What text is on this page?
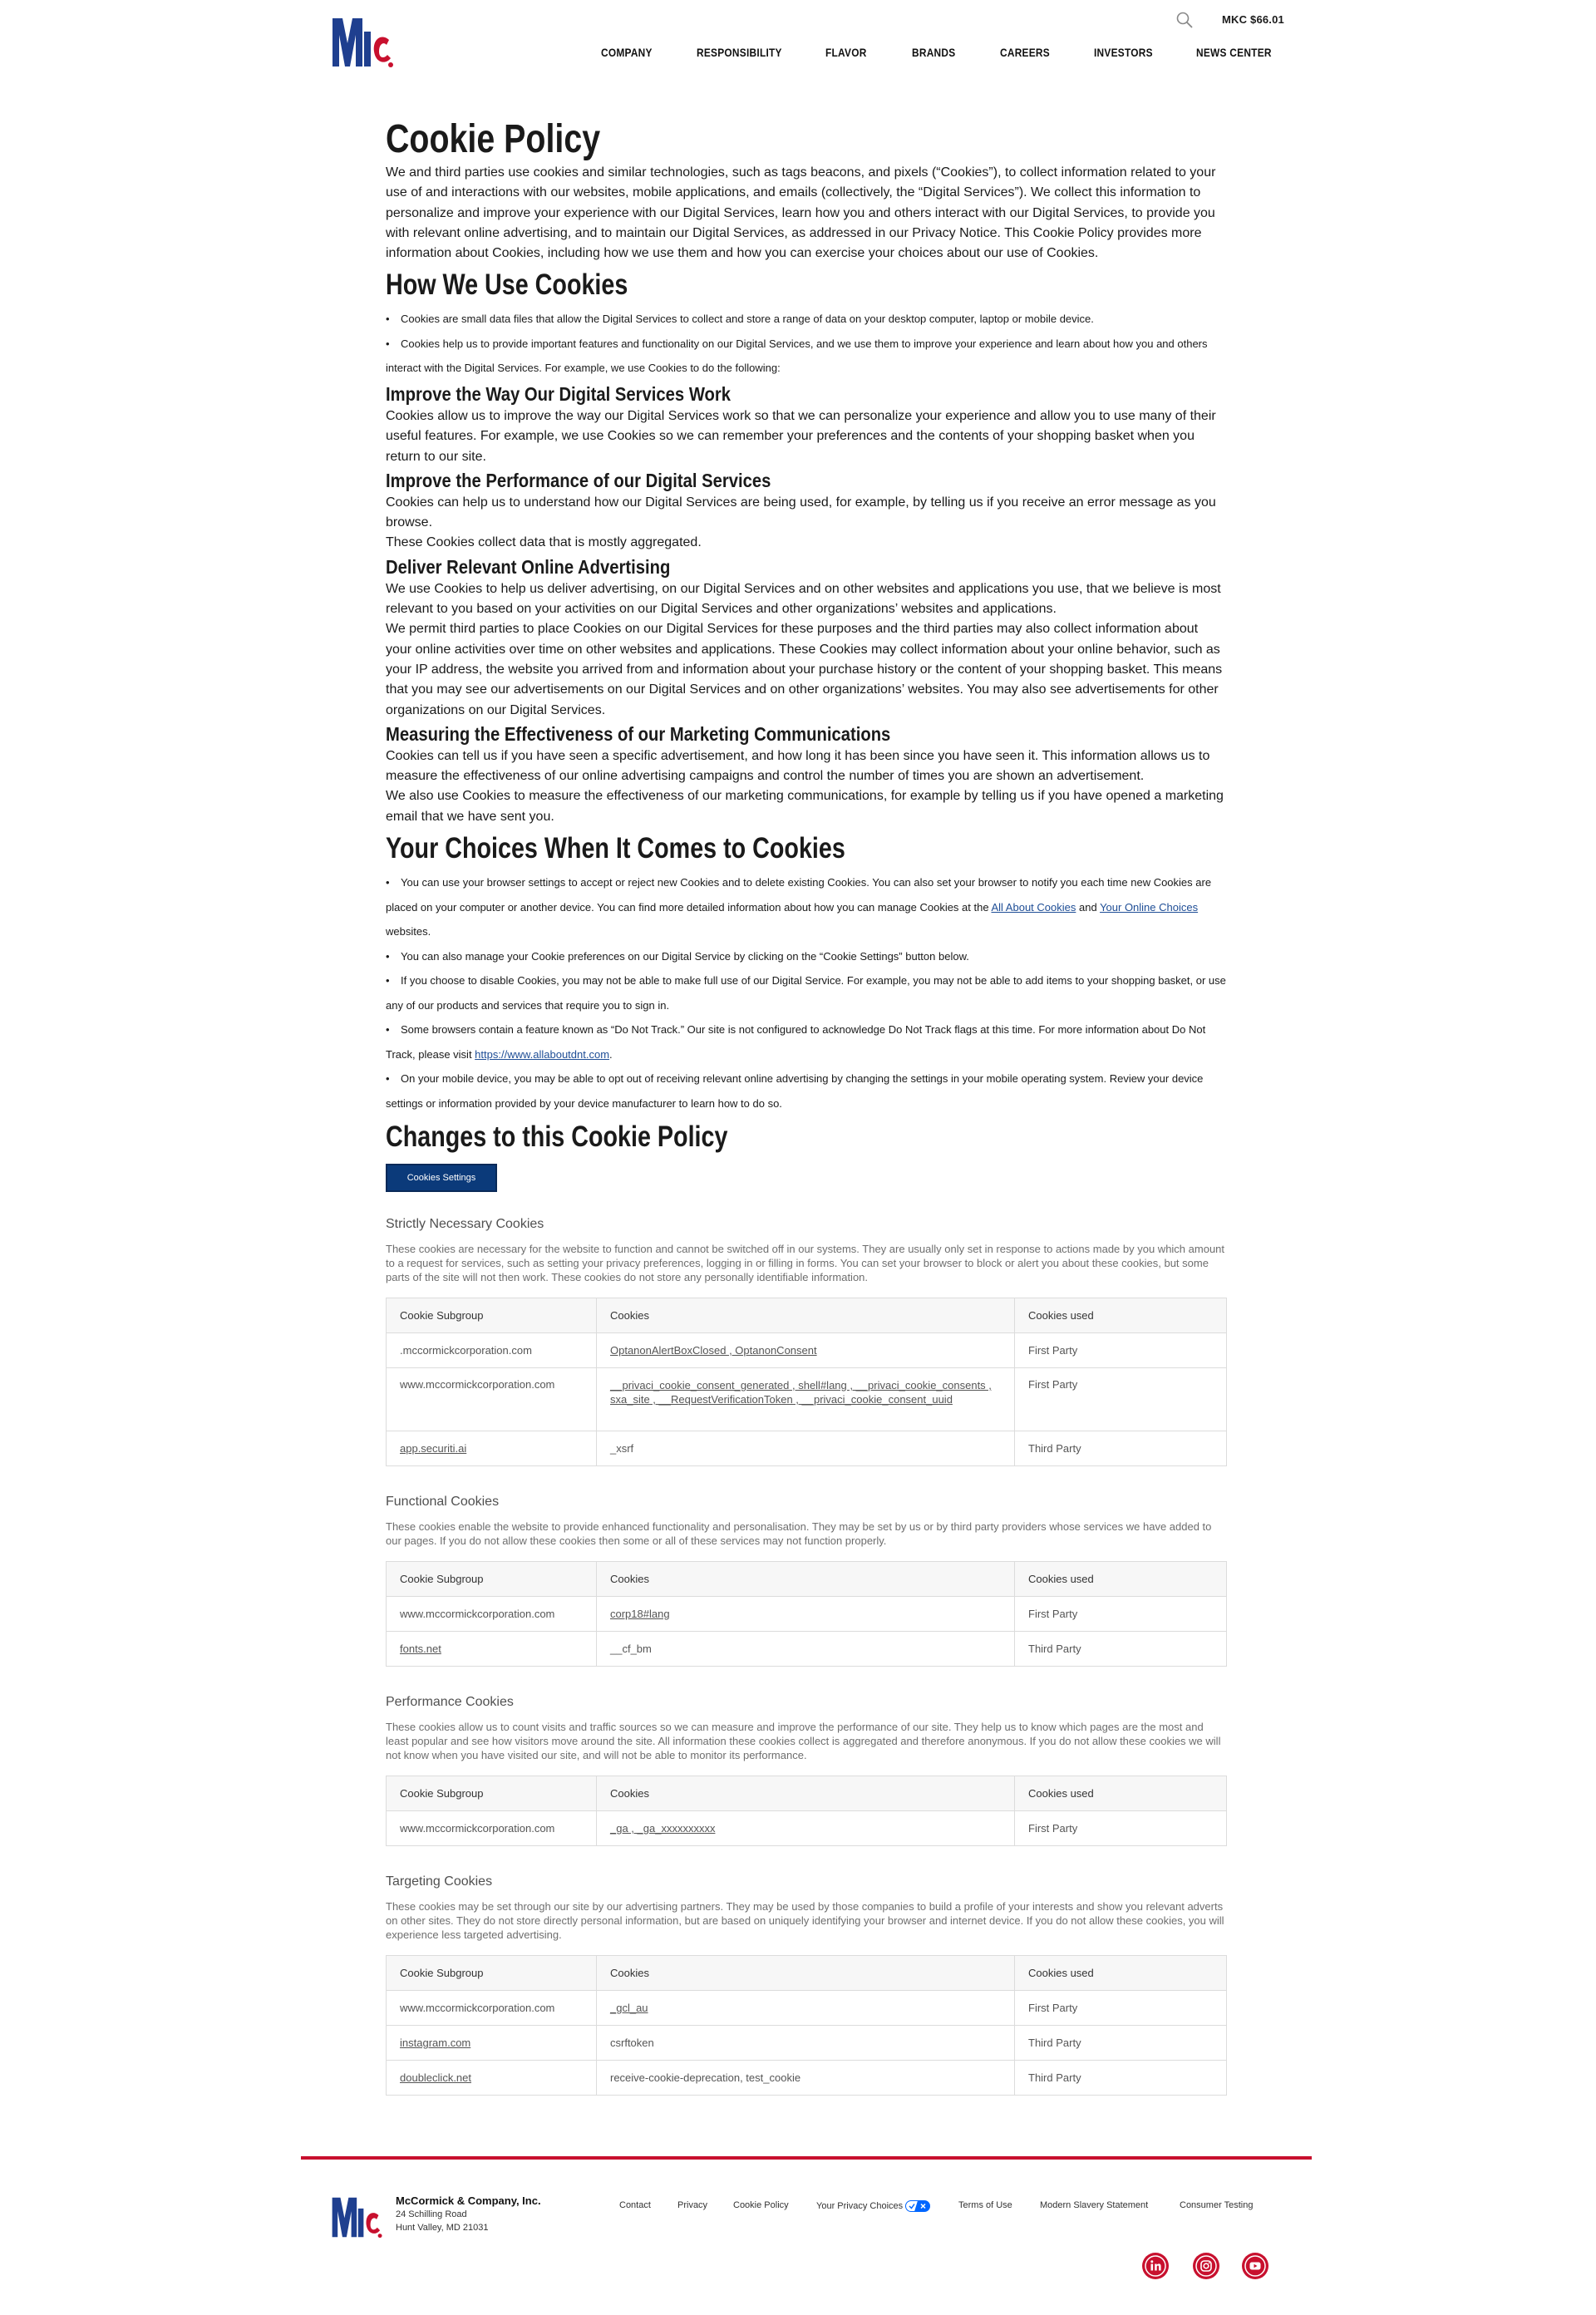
MKC $66.01
COMPANY	RESPONSIBILITY	FLAVOR	BRANDS	CAREERS	INVESTORS	NEWS CENTER
Cookie Policy

We and third parties use cookies and similar technologies, such as tags beacons, and pixels (“Cookies”), to collect information related to your use of and interactions with our websites, mobile applications, and emails (collectively, the “Digital Services”). We collect this information to personalize and improve your experience with our Digital Services, learn how you and others interact with our Digital Services, to provide you with relevant online advertising, and to maintain our Digital Services, as addressed in our Privacy Notice. This Cookie Policy provides more information about Cookies, including how we use them and how you can exercise your choices about our use of Cookies.

How We Use Cookies
• Cookies are small data files that allow the Digital Services to collect and store a range of data on your desktop computer, laptop or mobile device.
• Cookies help us to provide important features and functionality on our Digital Services, and we use them to improve your experience and learn about how you and others interact with the Digital Services. For example, we use Cookies to do the following:
Improve the Way Our Digital Services Work

Cookies allow us to improve the way our Digital Services work so that we can personalize your experience and allow you to use many of their useful features. For example, we use Cookies so we can remember your preferences and the contents of your shopping basket when you return to our site.

Improve the Performance of our Digital Services

Cookies can help us to understand how our Digital Services are being used, for example, by telling us if you receive an error message as you browse.

These Cookies collect data that is mostly aggregated.

Deliver Relevant Online Advertising

We use Cookies to help us deliver advertising, on our Digital Services and on other websites and applications you use, that we believe is most relevant to you based on your activities on our Digital Services and other organizations’ websites and applications.

We permit third parties to place Cookies on our Digital Services for these purposes and the third parties may also collect information about your online activities over time on other websites and applications. These Cookies may collect information about your online behavior, such as your IP address, the website you arrived from and information about your purchase history or the content of your shopping basket. This means that you may see our advertisements on our Digital Services and on other organizations’ websites. You may also see advertisements for other organizations on our Digital Services.

Measuring the Effectiveness of our Marketing Communications

Cookies can tell us if you have seen a specific advertisement, and how long it has been since you have seen it. This information allows us to measure the effectiveness of our online advertising campaigns and control the number of times you are shown an advertisement.

We also use Cookies to measure the effectiveness of our marketing communications, for example by telling us if you have opened a marketing email that we have sent you.

Your Choices When It Comes to Cookies
• You can use your browser settings to accept or reject new Cookies and to delete existing Cookies. You can also set your browser to notify you each time new Cookies are placed on your computer or another device. You can find more detailed information about how you can manage Cookies at the All About Cookies and Your Online Choices websites.
• You can also manage your Cookie preferences on our Digital Service by clicking on the “Cookie Settings” button below.
• If you choose to disable Cookies, you may not be able to make full use of our Digital Service. For example, you may not be able to add items to your shopping basket, or use any of our products and services that require you to sign in.
• Some browsers contain a feature known as “Do Not Track.” Our site is not configured to acknowledge Do Not Track flags at this time. For more information about Do Not Track, please visit https://www.allaboutdnt.com.
• On your mobile device, you may be able to opt out of receiving relevant online advertising by changing the settings in your mobile operating system. Review your device settings or information provided by your device manufacturer to learn how to do so.
Changes to this Cookie Policy
Cookies Settings

Strictly Necessary Cookies

These cookies are necessary for the website to function and cannot be switched off in our systems. They are usually only set in response to actions made by you which amount to a request for services, such as setting your privacy preferences, logging in or filling in forms. You can set your browser to block or alert you about these cookies, but some parts of the site will not then work. These cookies do not store any personally identifiable information.

Cookie Subgroup	Cookies	Cookies used
.mccormickcorporation.com	OptanonAlertBoxClosed , OptanonConsent	First Party
www.mccormickcorporation.com	__privaci_cookie_consent_generated , shell#lang , __privaci_cookie_consents , sxa_site , __RequestVerificationToken , __privaci_cookie_consent_uuid	First Party
app.securiti.ai	_xsrf	Third Party

Functional Cookies

These cookies enable the website to provide enhanced functionality and personalisation. They may be set by us or by third party providers whose services we have added to our pages. If you do not allow these cookies then some or all of these services may not function properly.

Cookie Subgroup	Cookies	Cookies used
www.mccormickcorporation.com	corp18#lang	First Party
fonts.net	__cf_bm	Third Party

Performance Cookies

These cookies allow us to count visits and traffic sources so we can measure and improve the performance of our site. They help us to know which pages are the most and least popular and see how visitors move around the site. All information these cookies collect is aggregated and therefore anonymous. If you do not allow these cookies we will not know when you have visited our site, and will not be able to monitor its performance.

Cookie Subgroup	Cookies	Cookies used
www.mccormickcorporation.com	_ga , _ga_xxxxxxxxxx	First Party

Targeting Cookies

These cookies may be set through our site by our advertising partners. They may be used by those companies to build a profile of your interests and show you relevant adverts on other sites. They do not store directly personal information, but are based on uniquely identifying your browser and internet device. If you do not allow these cookies, you will experience less targeted advertising.

Cookie Subgroup	Cookies	Cookies used
www.mccormickcorporation.com	_gcl_au	First Party
instagram.com	csrftoken	Third Party
doubleclick.net	receive-cookie-deprecation, test_cookie	Third Party
McCormick & Company, Inc.
24 Schilling Road
Hunt Valley, MD 21031
Contact	Privacy	Cookie Policy	Your Privacy Choices	Terms of Use	Modern Slavery Statement	Consumer Testing
